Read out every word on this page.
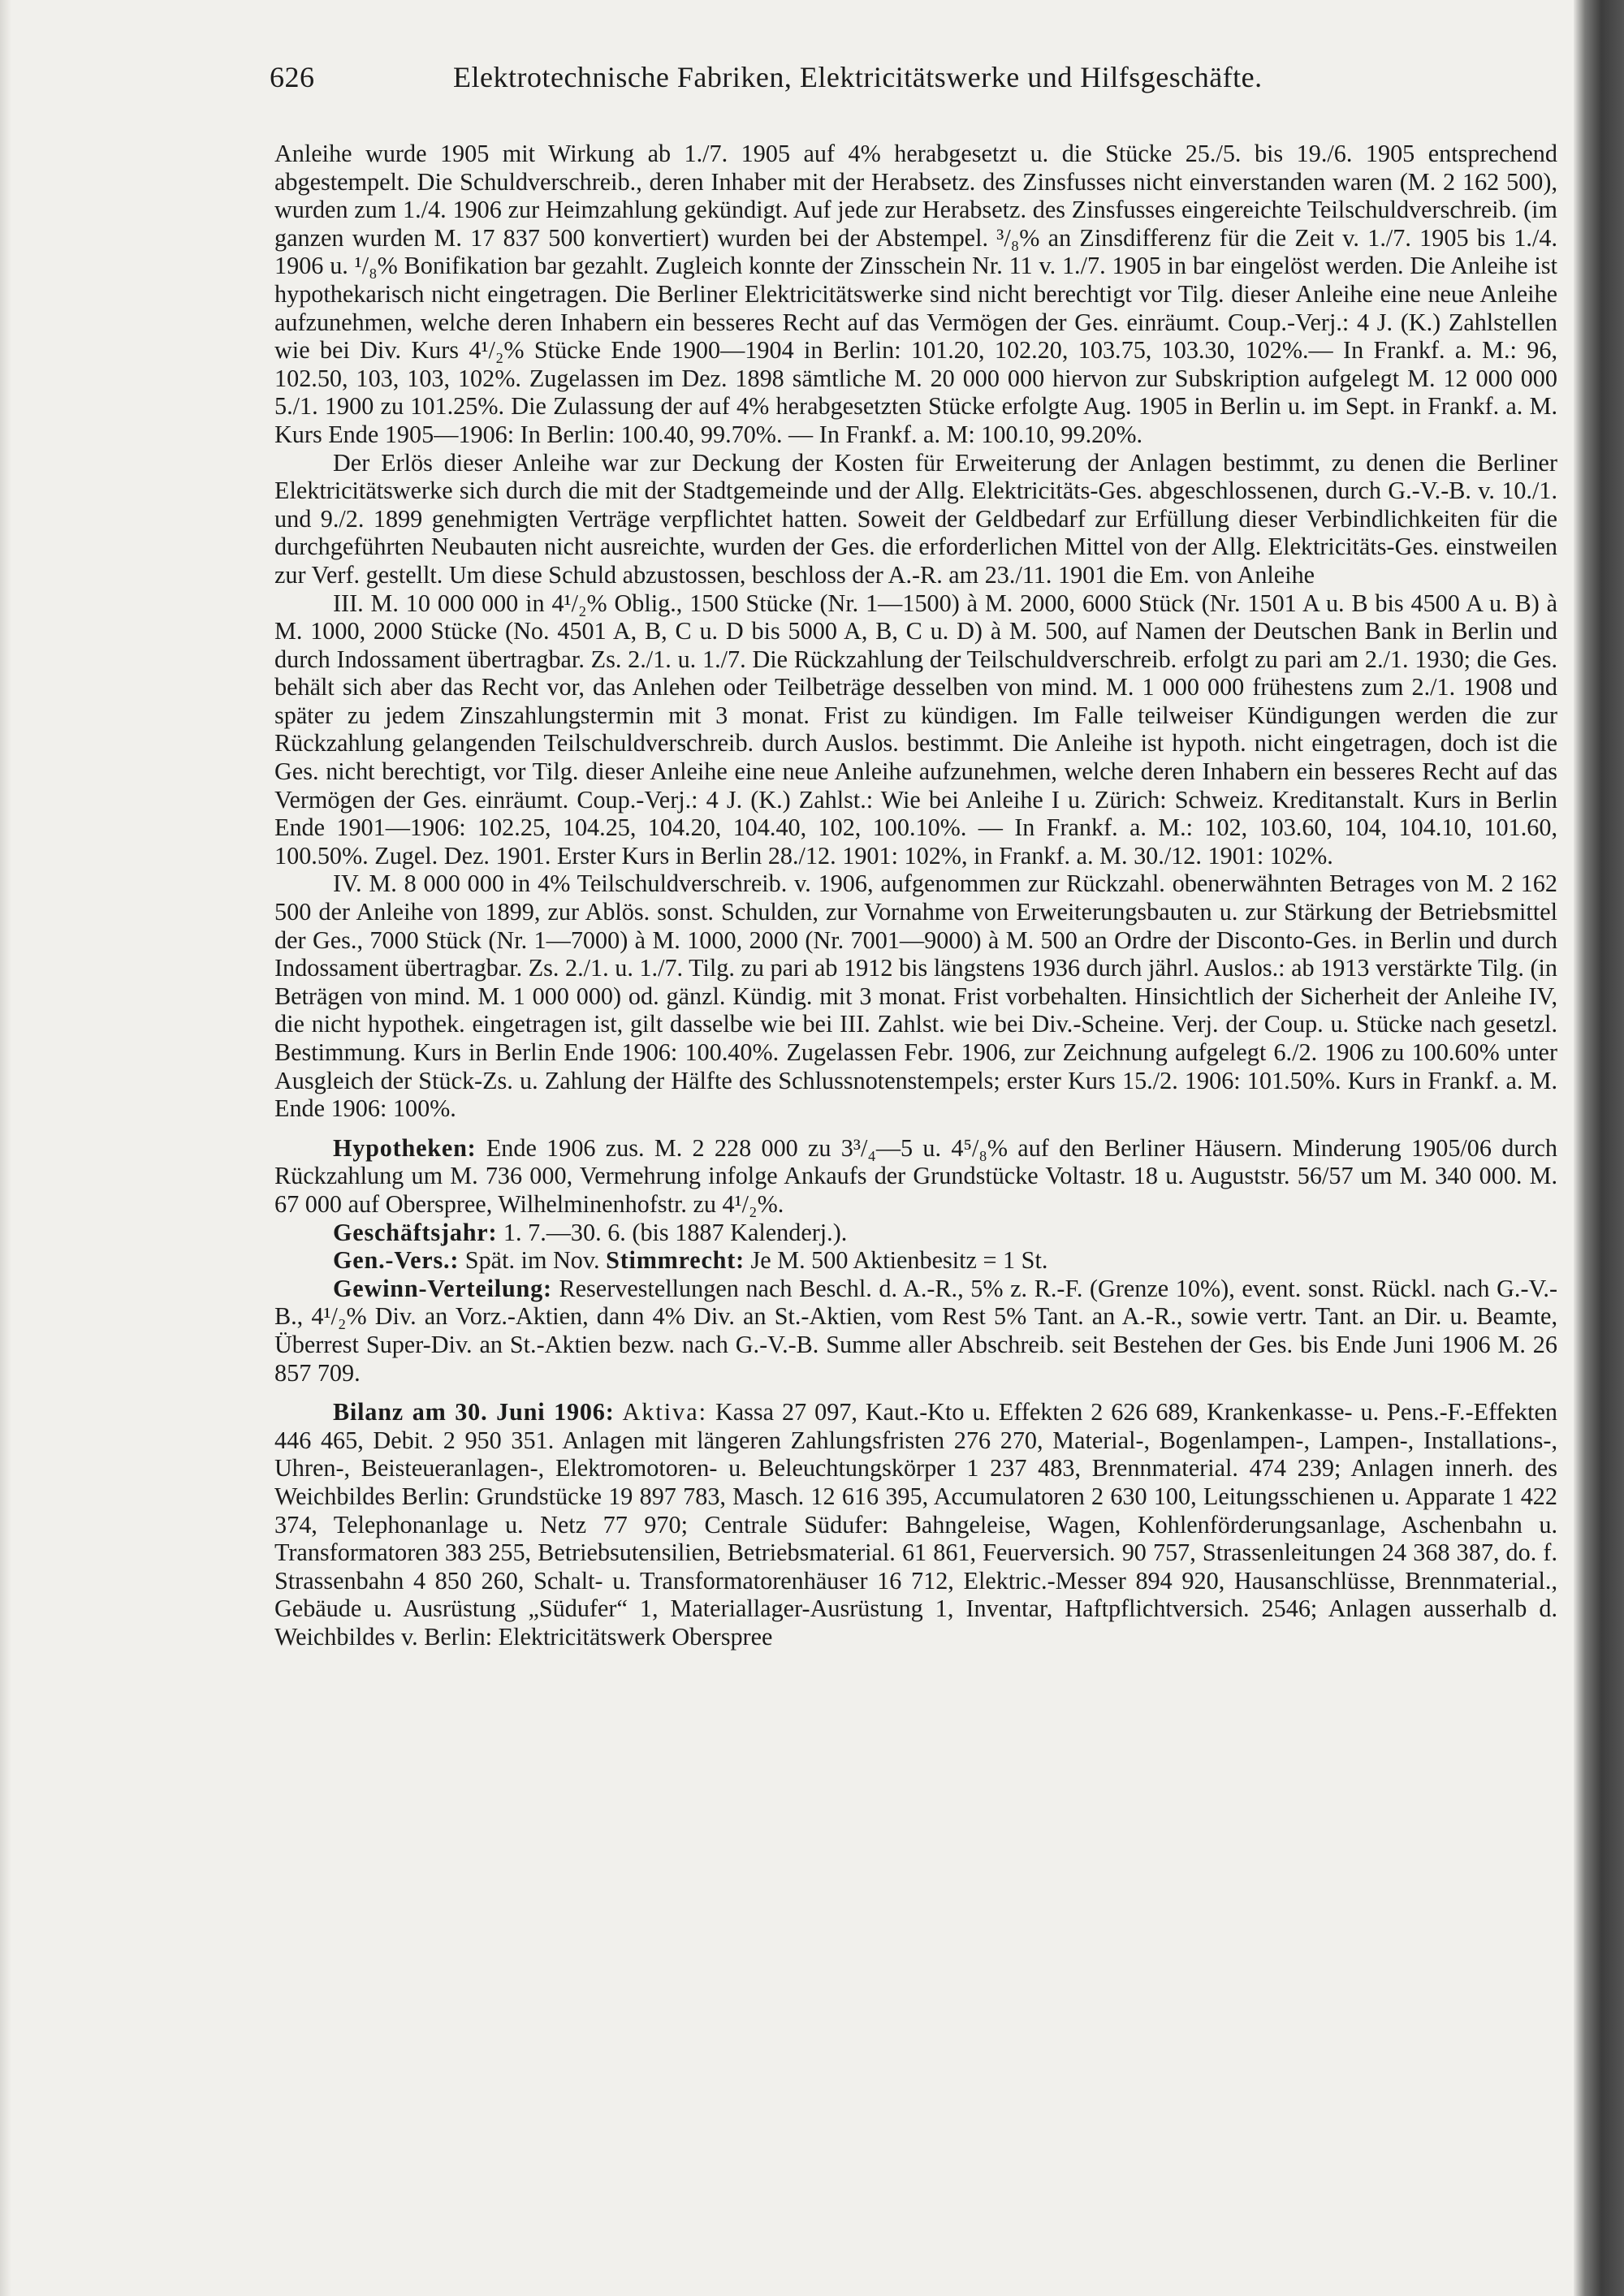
626	Elektrotechnische Fabriken, Elektricitätswerke und Hilfsgeschäfte.

Anleihe wurde 1905 mit Wirkung ab 1./7. 1905 auf 4% herabgesetzt u. die Stücke 25./5. bis 19./6. 1905 entsprechend abgestempelt. Die Schuldverschreib., deren Inhaber mit der Herabsetz. des Zinsfusses nicht einverstanden waren (M. 2 162 500), wurden zum 1./4. 1906 zur Heimzahlung gekündigt. Auf jede zur Herabsetz. des Zinsfusses eingereichte Teilschuldverschreib. (im ganzen wurden M. 17 837 500 konvertiert) wurden bei der Abstempel. ³/₈% an Zinsdifferenz für die Zeit v. 1./7. 1905 bis 1./4. 1906 u. ¹/₈% Bonifikation bar gezahlt. Zugleich konnte der Zinsschein Nr. 11 v. 1./7. 1905 in bar eingelöst werden. Die Anleihe ist hypothekarisch nicht eingetragen. Die Berliner Elektricitätswerke sind nicht berechtigt vor Tilg. dieser Anleihe eine neue Anleihe aufzunehmen, welche deren Inhabern ein besseres Recht auf das Vermögen der Ges. einräumt. Coup.-Verj.: 4 J. (K.) Zahlstellen wie bei Div. Kurs 4¹/₂% Stücke Ende 1900—1904 in Berlin: 101.20, 102.20, 103.75, 103.30, 102%.— In Frankf. a. M.: 96, 102.50, 103, 103, 102%. Zugelassen im Dez. 1898 sämtliche M. 20 000 000 hiervon zur Subskription aufgelegt M. 12 000 000 5./1. 1900 zu 101.25%. Die Zulassung der auf 4% herabgesetzten Stücke erfolgte Aug. 1905 in Berlin u. im Sept. in Frankf. a. M. Kurs Ende 1905—1906: In Berlin: 100.40, 99.70%. — In Frankf. a. M: 100.10, 99.20%.

Der Erlös dieser Anleihe war zur Deckung der Kosten für Erweiterung der Anlagen bestimmt, zu denen die Berliner Elektricitätswerke sich durch die mit der Stadtgemeinde und der Allg. Elektricitäts-Ges. abgeschlossenen, durch G.-V.-B. v. 10./1. und 9./2. 1899 genehmigten Verträge verpflichtet hatten. Soweit der Geldbedarf zur Erfüllung dieser Verbindlichkeiten für die durchgeführten Neubauten nicht ausreichte, wurden der Ges. die erforderlichen Mittel von der Allg. Elektricitäts-Ges. einstweilen zur Verf. gestellt. Um diese Schuld abzustossen, beschloss der A.-R. am 23./11. 1901 die Em. von Anleihe

III. M. 10 000 000 in 4¹/₂% Oblig., 1500 Stücke (Nr. 1—1500) à M. 2000, 6000 Stück (Nr. 1501 A u. B bis 4500 A u. B) à M. 1000, 2000 Stücke (No. 4501 A, B, C u. D bis 5000 A, B, C u. D) à M. 500, auf Namen der Deutschen Bank in Berlin und durch Indossament übertragbar. Zs. 2./1. u. 1./7. Die Rückzahlung der Teilschuldverschreib. erfolgt zu pari am 2./1. 1930; die Ges. behält sich aber das Recht vor, das Anlehen oder Teilbeträge desselben von mind. M. 1 000 000 frühestens zum 2./1. 1908 und später zu jedem Zinszahlungstermin mit 3 monat. Frist zu kündigen. Im Falle teilweiser Kündigungen werden die zur Rückzahlung gelangenden Teilschuldverschreib. durch Auslos. bestimmt. Die Anleihe ist hypoth. nicht eingetragen, doch ist die Ges. nicht berechtigt, vor Tilg. dieser Anleihe eine neue Anleihe aufzunehmen, welche deren Inhabern ein besseres Recht auf das Vermögen der Ges. einräumt. Coup.-Verj.: 4 J. (K.) Zahlst.: Wie bei Anleihe I u. Zürich: Schweiz. Kreditanstalt. Kurs in Berlin Ende 1901—1906: 102.25, 104.25, 104.20, 104.40, 102, 100.10%. — In Frankf. a. M.: 102, 103.60, 104, 104.10, 101.60, 100.50%. Zugel. Dez. 1901. Erster Kurs in Berlin 28./12. 1901: 102%, in Frankf. a. M. 30./12. 1901: 102%.

IV. M. 8 000 000 in 4% Teilschuldverschreib. v. 1906, aufgenommen zur Rückzahl. obenerwähnten Betrages von M. 2 162 500 der Anleihe von 1899, zur Ablös. sonst. Schulden, zur Vornahme von Erweiterungsbauten u. zur Stärkung der Betriebsmittel der Ges., 7000 Stück (Nr. 1—7000) à M. 1000, 2000 (Nr. 7001—9000) à M. 500 an Ordre der Disconto-Ges. in Berlin und durch Indossament übertragbar. Zs. 2./1. u. 1./7. Tilg. zu pari ab 1912 bis längstens 1936 durch jährl. Auslos.: ab 1913 verstärkte Tilg. (in Beträgen von mind. M. 1 000 000) od. gänzl. Kündig. mit 3 monat. Frist vorbehalten. Hinsichtlich der Sicherheit der Anleihe IV, die nicht hypothek. eingetragen ist, gilt dasselbe wie bei III. Zahlst. wie bei Div.-Scheine. Verj. der Coup. u. Stücke nach gesetzl. Bestimmung. Kurs in Berlin Ende 1906: 100.40%. Zugelassen Febr. 1906, zur Zeichnung aufgelegt 6./2. 1906 zu 100.60% unter Ausgleich der Stück-Zs. u. Zahlung der Hälfte des Schlussnotenstempels; erster Kurs 15./2. 1906: 101.50%. Kurs in Frankf. a. M. Ende 1906: 100%.

Hypotheken: Ende 1906 zus. M. 2 228 000 zu 3³/₄—5 u. 4⁵/₈% auf den Berliner Häusern. Minderung 1905/06 durch Rückzahlung um M. 736 000, Vermehrung infolge Ankaufs der Grundstücke Voltastr. 18 u. Auguststr. 56/57 um M. 340 000. M. 67 000 auf Oberspree, Wilhelminenhofstr. zu 4¹/₂%.

Geschäftsjahr: 1. 7.—30. 6. (bis 1887 Kalenderj.).

Gen.-Vers.: Spät. im Nov. Stimmrecht: Je M. 500 Aktienbesitz = 1 St.

Gewinn-Verteilung: Reservestellungen nach Beschl. d. A.-R., 5% z. R.-F. (Grenze 10%), event. sonst. Rückl. nach G.-V.-B., 4¹/₂% Div. an Vorz.-Aktien, dann 4% Div. an St.-Aktien, vom Rest 5% Tant. an A.-R., sowie vertr. Tant. an Dir. u. Beamte, Überrest Super-Div. an St.-Aktien bezw. nach G.-V.-B. Summe aller Abschreib. seit Bestehen der Ges. bis Ende Juni 1906 M. 26 857 709.

Bilanz am 30. Juni 1906: Aktiva: Kassa 27 097, Kaut.-Kto u. Effekten 2 626 689, Krankenkasse- u. Pens.-F.-Effekten 446 465, Debit. 2 950 351. Anlagen mit längeren Zahlungsfristen 276 270, Material-, Bogenlampen-, Lampen-, Installations-, Uhren-, Beisteueranlagen-, Elektromotoren- u. Beleuchtungskörper 1 237 483, Brennmaterial. 474 239; Anlagen innerh. des Weichbildes Berlin: Grundstücke 19 897 783, Masch. 12 616 395, Accumulatoren 2 630 100, Leitungsschienen u. Apparate 1 422 374, Telephonanlage u. Netz 77 970; Centrale Südufer: Bahngeleise, Wagen, Kohlenförderungsanlage, Aschenbahn u. Transformatoren 383 255, Betriebsutensilien, Betriebsmaterial. 61 861, Feuerversich. 90 757, Strassenleitungen 24 368 387, do. f. Strassenbahn 4 850 260, Schalt- u. Transformatorenhäuser 16 712, Elektric.-Messer 894 920, Hausanschlüsse, Brennmaterial., Gebäude u. Ausrüstung „Südufer“ 1, Materiallager-Ausrüstung 1, Inventar, Haftpflichtversich. 2546; Anlagen ausserhalb d. Weichbildes v. Berlin: Elektricitätswerk Oberspree
